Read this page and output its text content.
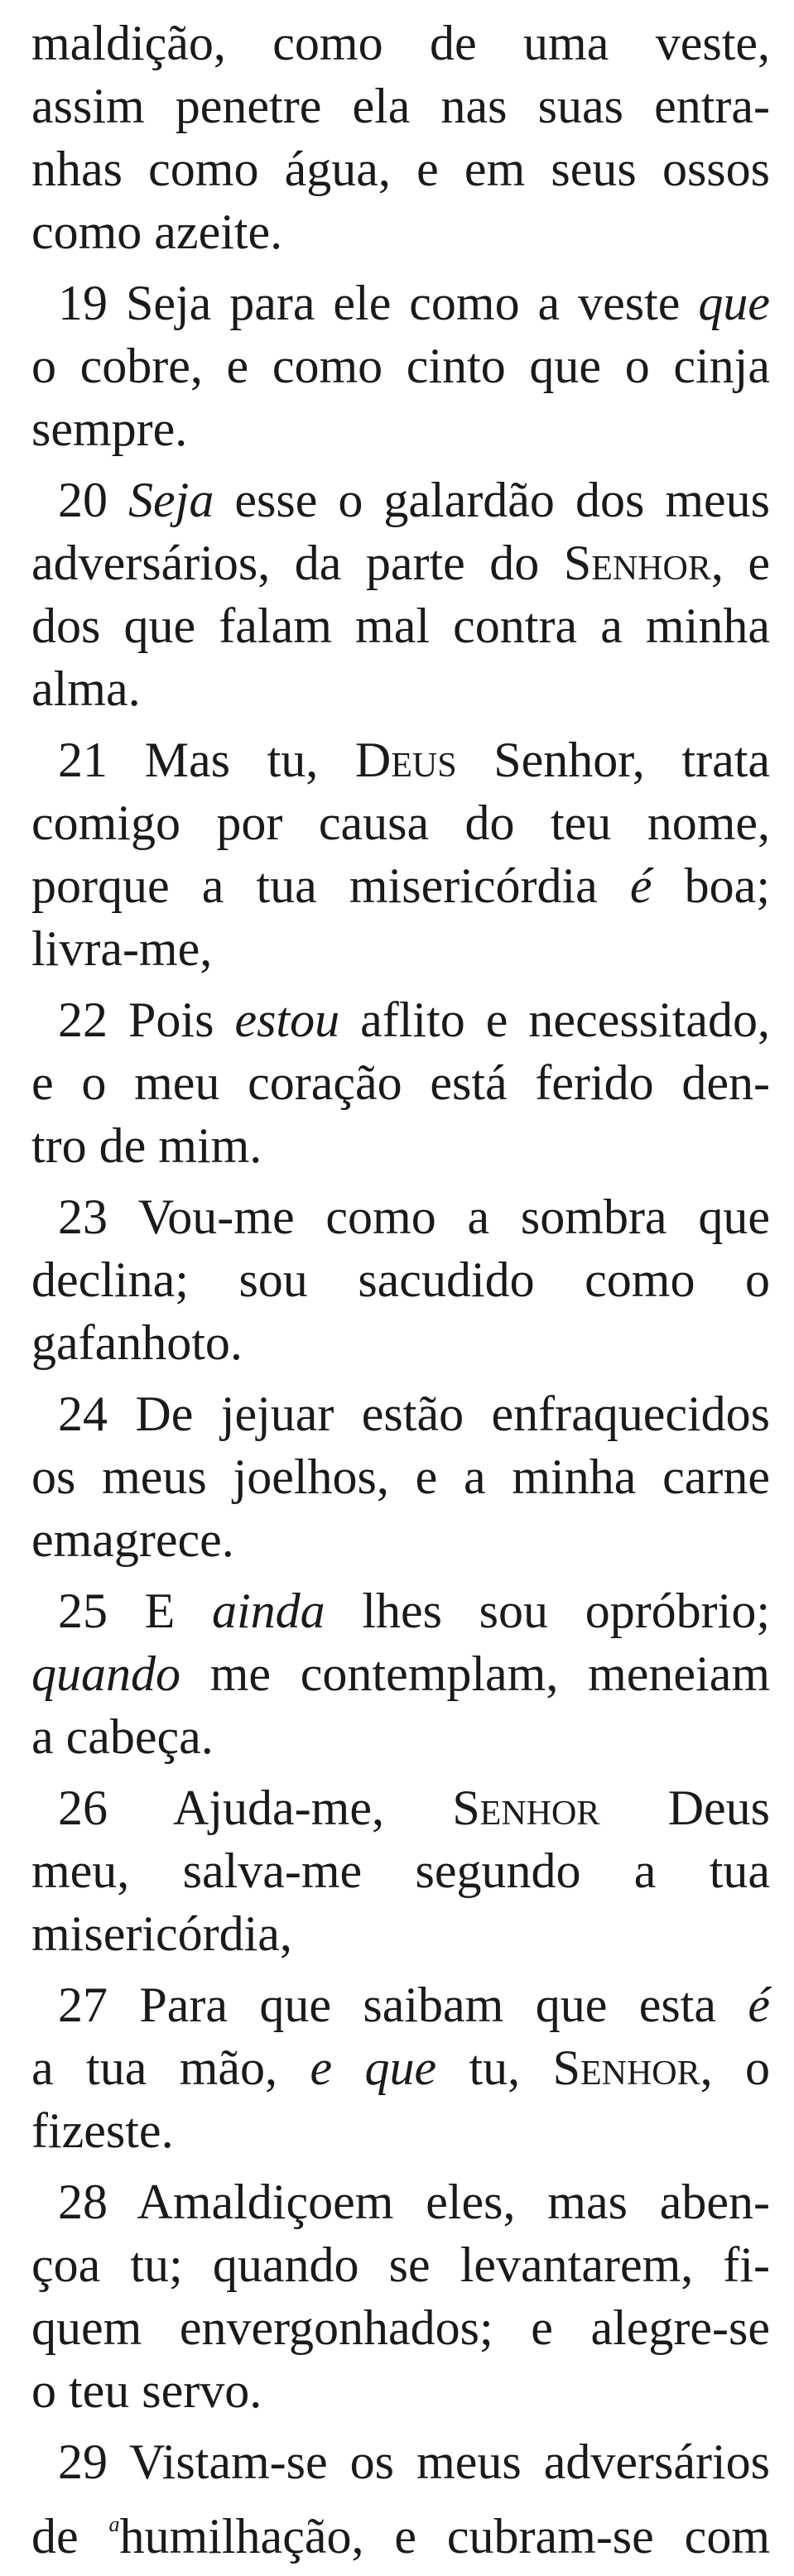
maldição, como de uma veste,
assim penetre ela nas suas entra-
nhas como água, e em seus ossos
como azeite.
19 Seja para ele como a veste que
o cobre, e como cinto que o cinja
sempre.
20 Seja esse o galardão dos meus
adversários, da parte do Senhor, e
dos que falam mal contra a minha
alma.
21 Mas tu, Deus Senhor, trata
comigo por causa do teu nome,
porque a tua misericórdia é boa;
livra-me,
22 Pois estou aflito e necessitado,
e o meu coração está ferido den-
tro de mim.
23 Vou-me como a sombra que
declina; sou sacudido como o
gafanhoto.
24 De jejuar estão enfraquecidos
os meus joelhos, e a minha carne
emagrece.
25 E ainda lhes sou opróbrio;
quando me contemplam, meneiam
a cabeça.
26 Ajuda-me, Senhor Deus
meu, salva-me segundo a tua
misericórdia,
27 Para que saibam que esta é
a tua mão, e que tu, Senhor, o
fizeste.
28 Amaldiçoem eles, mas aben-
çoa tu; quando se levantarem, fi-
quem envergonhados; e alegre-se
o teu servo.
29 Vistam-se os meus adversários
de $^a$humilhação, e cubram-se com
